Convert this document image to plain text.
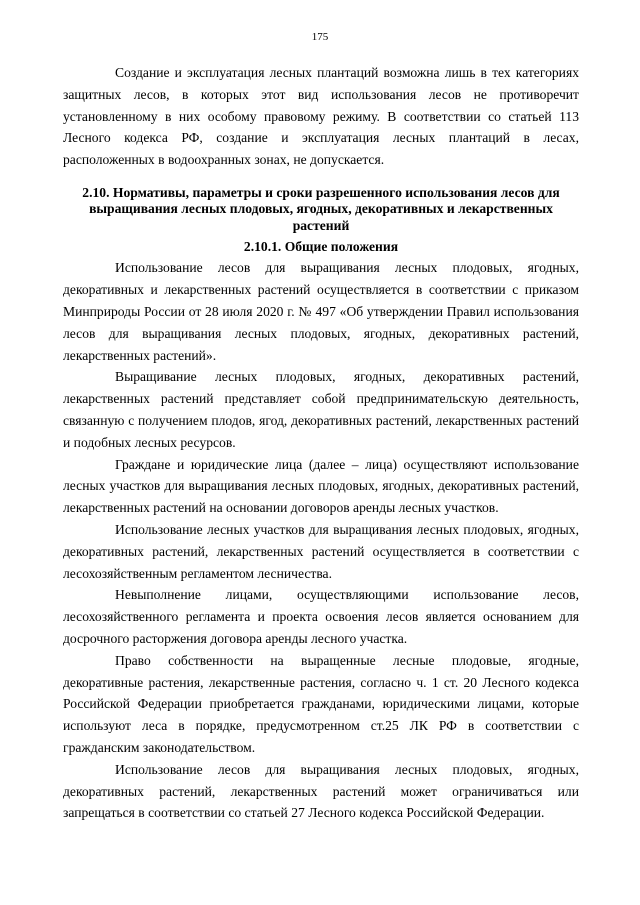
175

Создание и эксплуатация лесных плантаций возможна лишь в тех категориях защитных лесов, в которых этот вид использования лесов не противоречит установленному в них особому правовому режиму. В соответствии со статьей 113 Лесного кодекса РФ, создание и эксплуатация лесных плантаций в лесах, расположенных в водоохранных зонах, не допускается.

2.10. Нормативы, параметры и сроки разрешенного использования лесов для выращивания лесных плодовых, ягодных, декоративных и лекарственных растений
2.10.1. Общие положения

Использование лесов для выращивания лесных плодовых, ягодных, декоративных и лекарственных растений осуществляется в соответствии с приказом Минприроды России от 28 июля 2020 г. № 497 «Об утверждении Правил использования лесов для выращивания лесных плодовых, ягодных, декоративных растений, лекарственных растений».

Выращивание лесных плодовых, ягодных, декоративных растений, лекарственных растений представляет собой предпринимательскую деятельность, связанную с получением плодов, ягод, декоративных растений, лекарственных растений и подобных лесных ресурсов.

Граждане и юридические лица (далее – лица) осуществляют использование лесных участков для выращивания лесных плодовых, ягодных, декоративных растений, лекарственных растений на основании договоров аренды лесных участков.

Использование лесных участков для выращивания лесных плодовых, ягодных, декоративных растений, лекарственных растений осуществляется в соответствии с лесохозяйственным регламентом лесничества.

Невыполнение лицами, осуществляющими использование лесов, лесохозяйственного регламента и проекта освоения лесов является основанием для досрочного расторжения договора аренды лесного участка.

Право собственности на выращенные лесные плодовые, ягодные, декоративные растения, лекарственные растения, согласно ч. 1 ст. 20 Лесного кодекса Российской Федерации приобретается гражданами, юридическими лицами, которые используют леса в порядке, предусмотренном ст.25 ЛК РФ в соответствии с гражданским законодательством.

Использование лесов для выращивания лесных плодовых, ягодных, декоративных растений, лекарственных растений может ограничиваться или запрещаться в соответствии со статьей 27 Лесного кодекса Российской Федерации.
